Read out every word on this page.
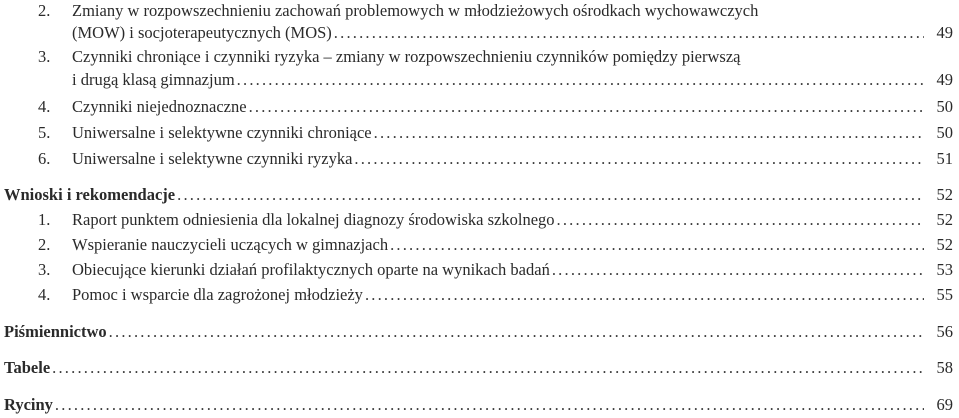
2.	Zmiany w rozpowszechnieniu zachowań problemowych w młodzieżowych ośrodkach wychowawczych
(MOW) i socjoterapeutycznych (MOS) .....	49
3.	Czynniki chroniące i czynniki ryzyka – zmiany w rozpowszechnieniu czynników pomiędzy pierwszą
i drugą klasą gimnazjum .....	49
4.	Czynniki niejednoznaczne .....	50
5.	Uniwersalne i selektywne czynniki chroniące .....	50
6.	Uniwersalne i selektywne czynniki ryzyka .....	51
Wnioski i rekomendacje .....	52
1.	Raport punktem odniesienia dla lokalnej diagnozy środowiska szkolnego .....	52
2.	Wspieranie nauczycieli uczących w gimnazjach .....	52
3.	Obiecujące kierunki działań profilaktycznych oparte na wynikach badań .....	53
4.	Pomoc i wsparcie dla zagrożonej młodzieży .....	55
Piśmiennictwo .....	56
Tabele .....	58
Ryciny .....	69
